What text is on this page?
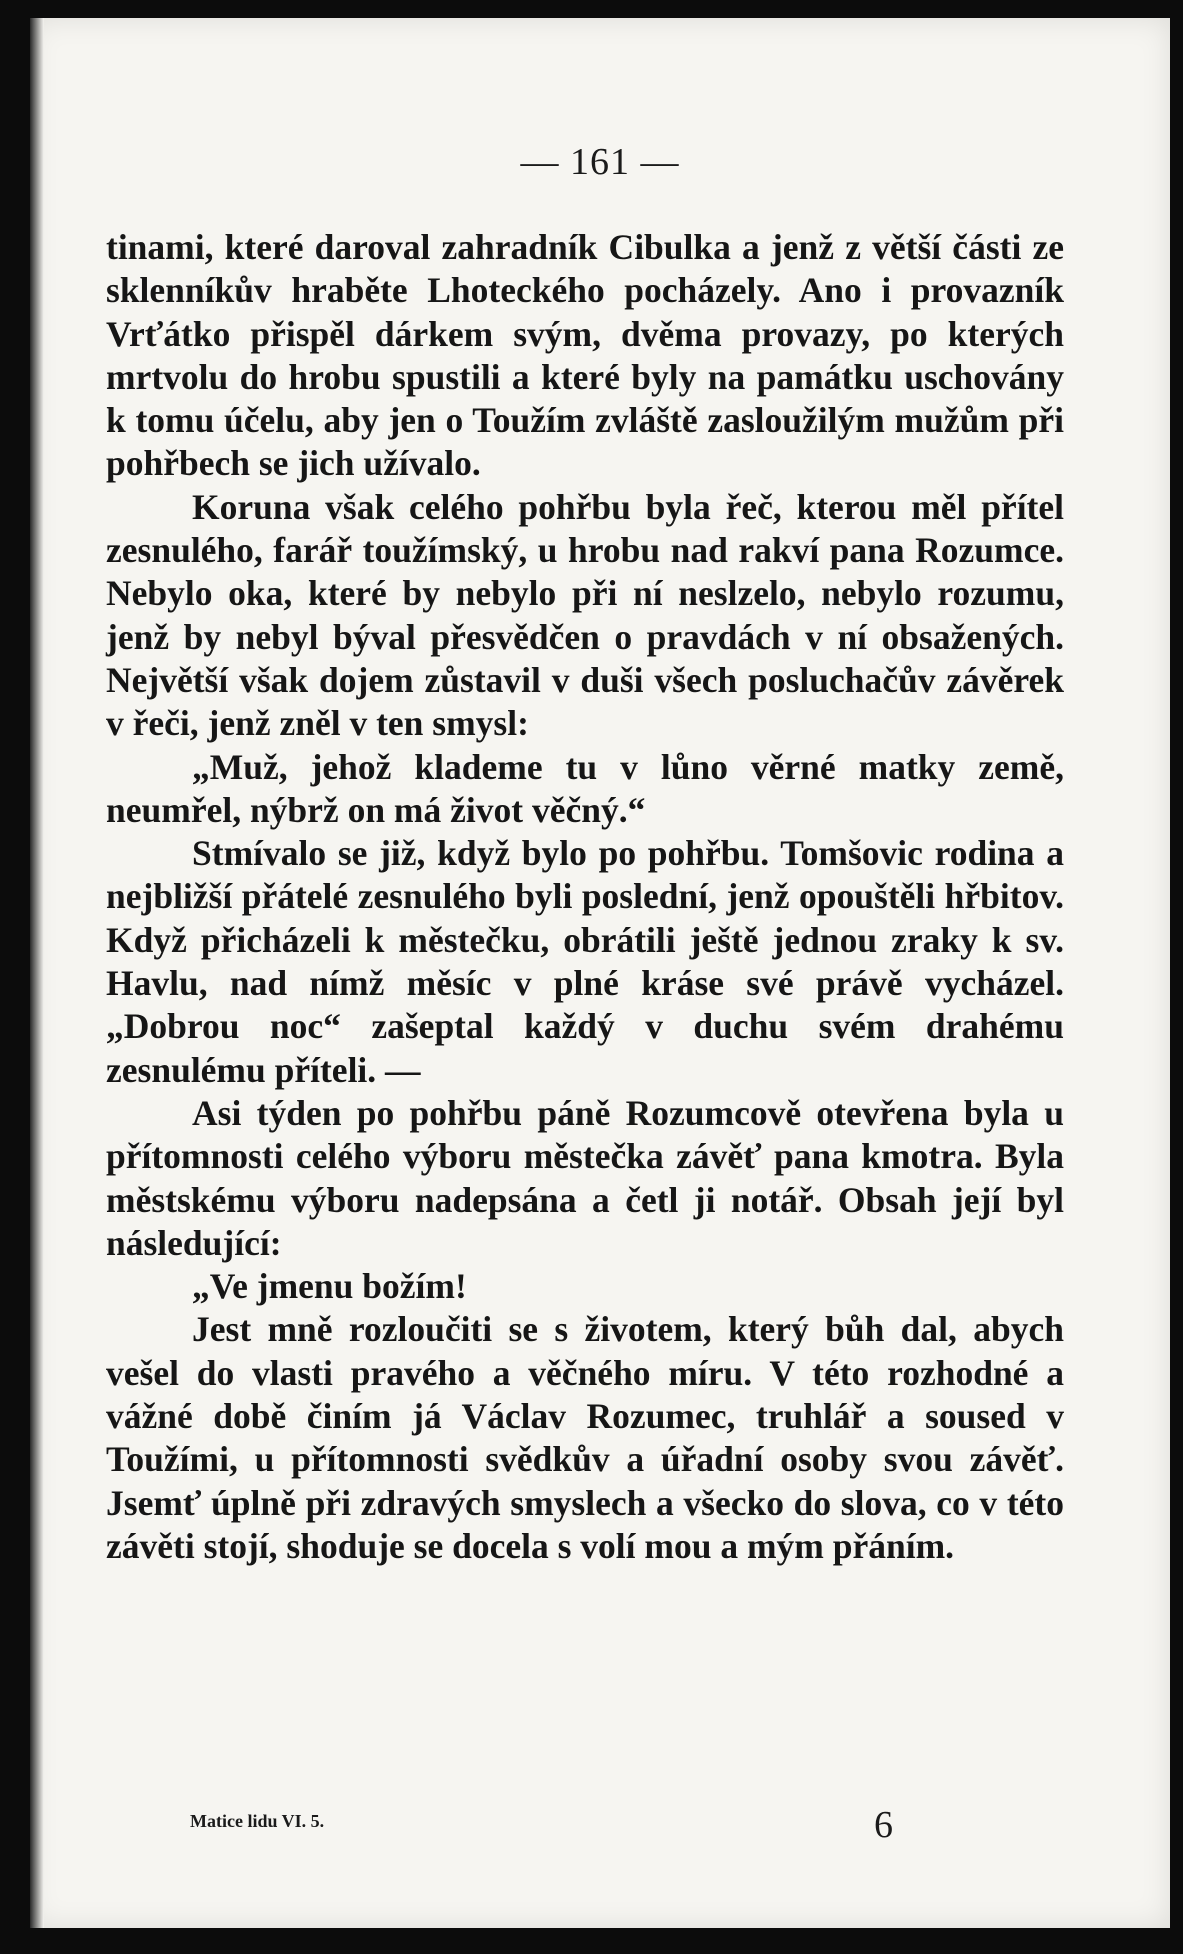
— 161 —

tinami, které daroval zahradník Cibulka a jenž z větší části ze sklenníkův hraběte Lhoteckého pocházely. Ano i provazník Vrťátko přispěl dárkem svým, dvěma provazy, po kterých mrtvolu do hrobu spustili a které byly na památku uschovány k tomu účelu, aby jen o Toužím zvláště zasloužilým mužům při pohřbech se jich užívalo.

Koruna však celého pohřbu byla řeč, kterou měl přítel zesnulého, farář toužímský, u hrobu nad rakví pana Rozumce. Nebylo oka, které by nebylo při ní neslzelo, nebylo rozumu, jenž by nebyl býval přesvědčen o pravdách v ní obsažených. Největší však dojem zůstavil v duši všech posluchačův závěrek v řeči, jenž zněl v ten smysl:

„Muž, jehož klademe tu v lůno věrné matky země, neumřel, nýbrž on má život věčný.“

Stmívalo se již, když bylo po pohřbu. Tomšovic rodina a nejbližší přátelé zesnulého byli poslední, jenž opouštěli hřbitov. Když přicházeli k městečku, obrátili ještě jednou zraky k sv. Havlu, nad nímž měsíc v plné kráse své právě vycházel. „Dobrou noc“ zašeptal každý v duchu svém drahému zesnulému příteli. —

Asi týden po pohřbu páně Rozumcově otevřena byla u přítomnosti celého výboru městečka závěť pana kmotra. Byla městskému výboru nadepsána a četl ji notář. Obsah její byl následující:

„Ve jmenu božím!

Jest mně rozloučiti se s životem, který bůh dal, abych vešel do vlasti pravého a věčného míru. V této rozhodné a vážné době činím já Václav Rozumec, truhlář a soused v Toužími, u přítomnosti svědkův a úřadní osoby svou závěť. Jsemť úplně při zdravých smyslech a všecko do slova, co v této závěti stojí, shoduje se docela s volí mou a mým přáním.

Matice lidu VI. 5.	6
